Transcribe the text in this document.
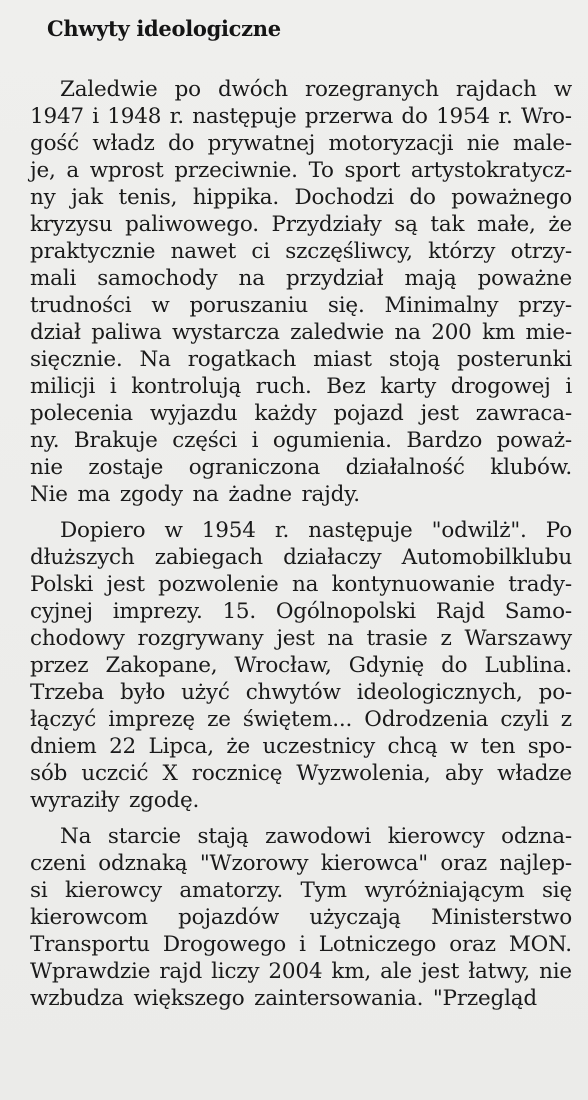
Chwyty ideologiczne
Zaledwie po dwóch rozegranych rajdach w
1947 i 1948 r. następuje przerwa do 1954 r. Wro-
gość władz do prywatnej motoryzacji nie male-
je, a wprost przeciwnie. To sport artystokratycz-
ny jak tenis, hippika. Dochodzi do poważnego
kryzysu paliwowego. Przydziały są tak małe, że
praktycznie nawet ci szczęśliwcy, którzy otrzy-
mali samochody na przydział mają poważne
trudności w poruszaniu się. Minimalny przy-
dział paliwa wystarcza zaledwie na 200 km mie-
sięcznie. Na rogatkach miast stoją posterunki
milicji i kontrolują ruch. Bez karty drogowej i
polecenia wyjazdu każdy pojazd jest zawraca-
ny. Brakuje części i ogumienia. Bardzo poważ-
nie zostaje ograniczona działalność klubów.
Nie ma zgody na żadne rajdy.
Dopiero w 1954 r. następuje "odwilż". Po
dłuższych zabiegach działaczy Automobilklubu
Polski jest pozwolenie na kontynuowanie trady-
cyjnej imprezy. 15. Ogólnopolski Rajd Samo-
chodowy rozgrywany jest na trasie z Warszawy
przez Zakopane, Wrocław, Gdynię do Lublina.
Trzeba było użyć chwytów ideologicznych, po-
łączyć imprezę ze świętem... Odrodzenia czyli z
dniem 22 Lipca, że uczestnicy chcą w ten spo-
sób uczcić X rocznicę Wyzwolenia, aby władze
wyraziły zgodę.
Na starcie stają zawodowi kierowcy odzna-
czeni odznaką "Wzorowy kierowca" oraz najlep-
si kierowcy amatorzy. Tym wyróżniającym się
kierowcom pojazdów użyczają Ministerstwo
Transportu Drogowego i Lotniczego oraz MON.
Wprawdzie rajd liczy 2004 km, ale jest łatwy, nie
wzbudza większego zaintersowania. "Przegląd
